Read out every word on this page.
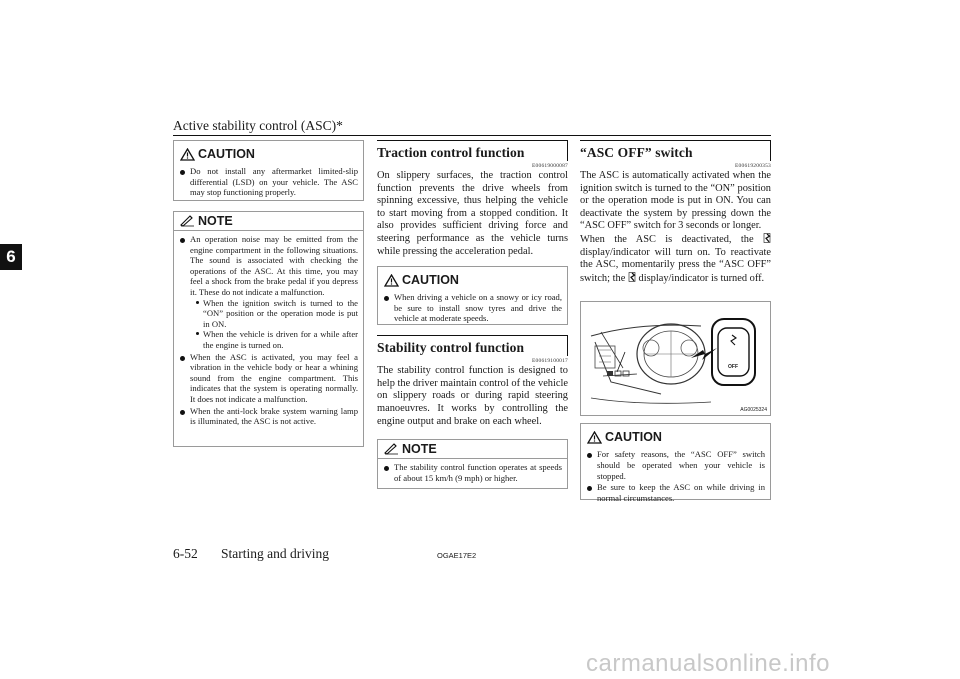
Active stability control (ASC)*
6
CAUTION
Do not install any aftermarket limited-slip differential (LSD) on your vehicle. The ASC may stop functioning properly.
NOTE
An operation noise may be emitted from the engine compartment in the following situations. The sound is associated with checking the operations of the ASC. At this time, you may feel a shock from the brake pedal if you depress it. These do not indicate a malfunction.
When the ignition switch is turned to the “ON” position or the operation mode is put in ON.
When the vehicle is driven for a while after the engine is turned on.
When the ASC is activated, you may feel a vibration in the vehicle body or hear a whining sound from the engine compartment. This indicates that the system is operating normally. It does not indicate a malfunction.
When the anti-lock brake system warning lamp is illuminated, the ASC is not active.
Traction control function
E00619000087

On slippery surfaces, the traction control function prevents the drive wheels from spinning excessive, thus helping the vehicle to start moving from a stopped condition. It also provides sufficient driving force and steering performance as the vehicle turns while pressing the acceleration pedal.

CAUTION
When driving a vehicle on a snowy or icy road, be sure to install snow tyres and drive the vehicle at moderate speeds.
Stability control function
E00619100017

The stability control function is designed to help the driver maintain control of the vehicle on slippery roads or during rapid steering manoeuvres. It works by controlling the engine output and brake on each wheel.

NOTE
The stability control function operates at speeds of about 15 km/h (9 mph) or higher.
“ASC OFF” switch
E00619200353

The ASC is automatically activated when the ignition switch is turned to the “ON” position or the operation mode is put in ON. You can deactivate the system by pressing down the “ASC OFF” switch for 3 seconds or longer.

When the ASC is deactivated, the  display/indicator will turn on. To reactivate the ASC, momentarily press the “ASC OFF” switch; the display/indicator is turned off.

OFF
AG0025324
CAUTION
For safety reasons, the “ASC OFF” switch should be operated when your vehicle is stopped.
Be sure to keep the ASC on while driving in normal circumstances.
6-52 Starting and driving	OGAE17E2
carmanualsonline.info
